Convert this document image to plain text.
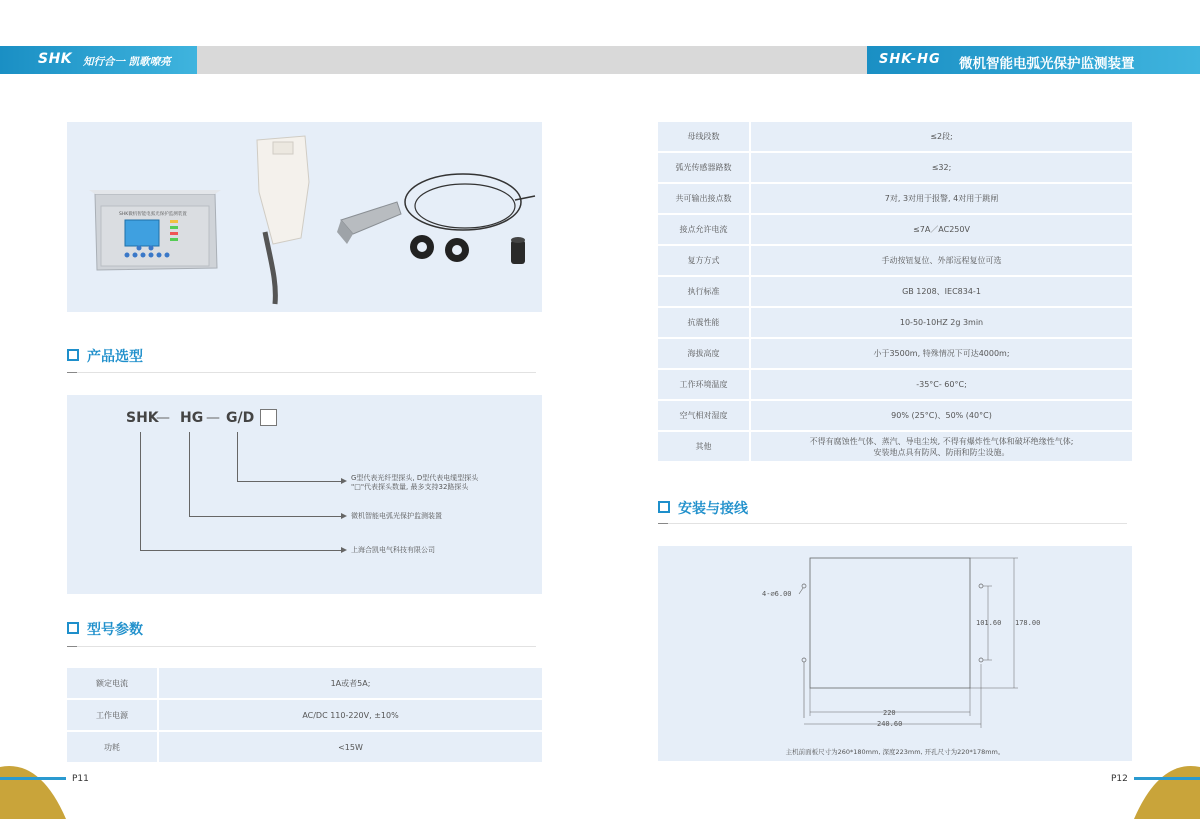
SHK 知行合一 凯歌嘹亮	SHK-HG 微机智能电弧光保护监测装置
SHK微机智能电弧光保护监测装置
产品选型
SHK
— HG — G/D
G型代表光纤型探头, D型代表电缆型探头
"□"代表探头数量, 最多支持32路探头
微机智能电弧光保护监测装置
上海合凯电气科技有限公司
型号参数
额定电流	1A或者5A;
工作电源	AC/DC 110-220V, ±10%
功耗	<15W
母线段数	≤2段;
弧光传感器路数	≤32;
共可输出接点数	7对, 3对用于报警, 4对用于跳闸
接点允许电流	≤7A／AC250V
复方方式	手动按钮复位、外部远程复位可选
执行标准	GB 1208、IEC834-1
抗震性能	10-50-10HZ 2g 3min
海拔高度	小于3500m, 特殊情况下可达4000m;
工作环境温度	-35°C- 60°C;
空气相对湿度	90% (25°C)、50% (40°C)
其他	不得有腐蚀性气体、蒸汽、导电尘埃, 不得有爆炸性气体和破坏绝缘性气体;
安装地点具有防风、防雨和防尘设施。
安装与接线
4-∅6.00
101.60 178.00
220
240.60
主机前面板尺寸为260*180mm, 深度223mm, 开孔尺寸为220*178mm。
P11	P12
